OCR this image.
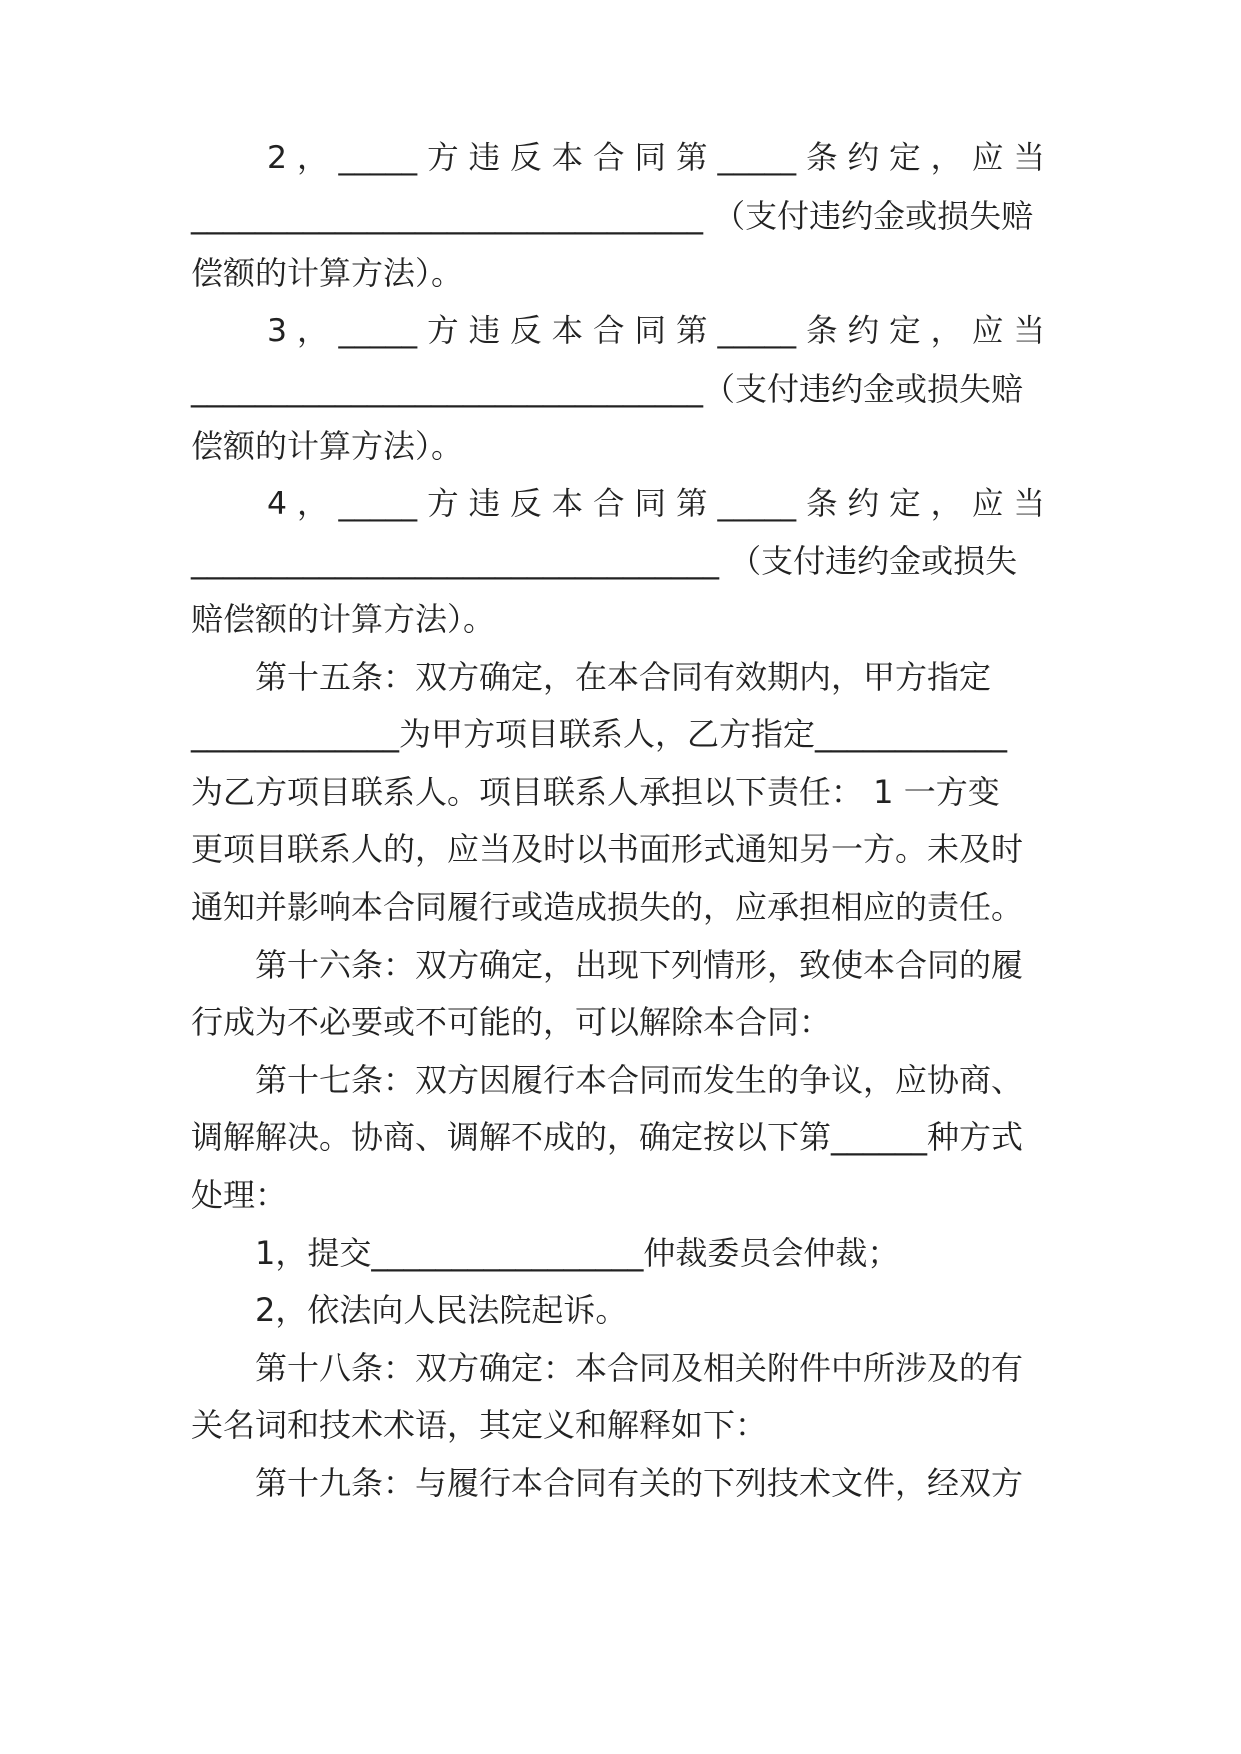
2 ， _____ 方 违 反 本 合 同 第 _____ 条 约 定 ， 应 当
________________________________ （支付违约金或损失赔
偿额的计算方法）。
3 ， _____ 方 违 反 本 合 同 第 _____ 条 约 定 ， 应 当
________________________________（支付违约金或损失赔
偿额的计算方法）。
4 ， _____ 方 违 反 本 合 同 第 _____ 条 约 定 ， 应 当
_________________________________ （支付违约金或损失
赔偿额的计算方法）。
第十五条：双方确定，在本合同有效期内，甲方指定
_____________为甲方项目联系人，乙方指定____________
为乙方项目联系人。项目联系人承担以下责任： 1 一方变
更项目联系人的，应当及时以书面形式通知另一方。未及时
通知并影响本合同履行或造成损失的，应承担相应的责任。
第十六条：双方确定，出现下列情形，致使本合同的履
行成为不必要或不可能的，可以解除本合同：
第十七条：双方因履行本合同而发生的争议，应协商、
调解解决。协商、调解不成的，确定按以下第______种方式
处理：
1，提交_________________仲裁委员会仲裁；
2，依法向人民法院起诉。
第十八条：双方确定：本合同及相关附件中所涉及的有
关名词和技术术语，其定义和解释如下：
第十九条：与履行本合同有关的下列技术文件，经双方
